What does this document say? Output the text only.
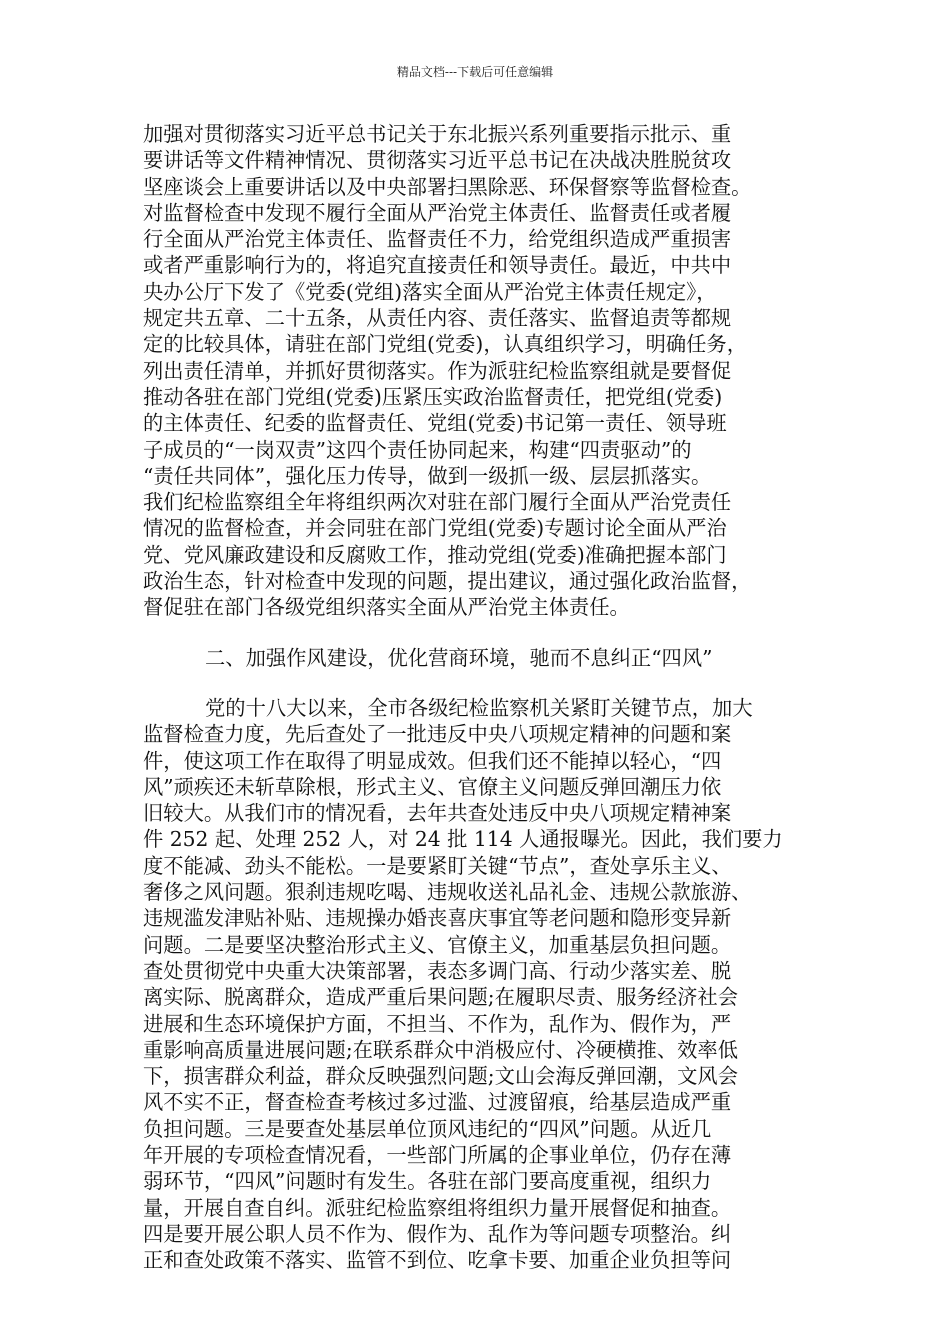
精品文档---下载后可任意编辑
加强对贯彻落实习近平总书记关于东北振兴系列重要指示批示、重
要讲话等文件精神情况、贯彻落实习近平总书记在决战决胜脱贫攻
坚座谈会上重要讲话以及中央部署扫黑除恶、环保督察等监督检查。
对监督检查中发现不履行全面从严治党主体责任、监督责任或者履
行全面从严治党主体责任、监督责任不力，给党组织造成严重损害
或者严重影响行为的，将追究直接责任和领导责任。最近，中共中
央办公厅下发了《党委(党组)落实全面从严治党主体责任规定》，
规定共五章、二十五条，从责任内容、责任落实、监督追责等都规
定的比较具体，请驻在部门党组(党委)，认真组织学习，明确任务，
列出责任清单，并抓好贯彻落实。作为派驻纪检监察组就是要督促
推动各驻在部门党组(党委)压紧压实政治监督责任，把党组(党委)
的主体责任、纪委的监督责任、党组(党委)书记第一责任、领导班
子成员的“一岗双责”这四个责任协同起来，构建“四责驱动”的
“责任共同体”，强化压力传导，做到一级抓一级、层层抓落实。
我们纪检监察组全年将组织两次对驻在部门履行全面从严治党责任
情况的监督检查，并会同驻在部门党组(党委)专题讨论全面从严治
党、党风廉政建设和反腐败工作，推动党组(党委)准确把握本部门
政治生态，针对检查中发现的问题，提出建议，通过强化政治监督，
督促驻在部门各级党组织落实全面从严治党主体责任。
二、加强作风建设，优化营商环境，驰而不息纠正“四风”
党的十八大以来，全市各级纪检监察机关紧盯关键节点，加大
监督检查力度，先后查处了一批违反中央八项规定精神的问题和案
件，使这项工作在取得了明显成效。但我们还不能掉以轻心，“四
风”顽疾还未斩草除根，形式主义、官僚主义问题反弹回潮压力依
旧较大。从我们市的情况看，去年共查处违反中央八项规定精神案
件 252 起、处理 252 人，对 24 批 114 人通报曝光。因此，我们要力
度不能减、劲头不能松。一是要紧盯关键“节点”，查处享乐主义、
奢侈之风问题。狠刹违规吃喝、违规收送礼品礼金、违规公款旅游、
违规滥发津贴补贴、违规操办婚丧喜庆事宜等老问题和隐形变异新
问题。二是要坚决整治形式主义、官僚主义，加重基层负担问题。
查处贯彻党中央重大决策部署，表态多调门高、行动少落实差、脱
离实际、脱离群众，造成严重后果问题;在履职尽责、服务经济社会
进展和生态环境保护方面，不担当、不作为，乱作为、假作为，严
重影响高质量进展问题;在联系群众中消极应付、冷硬横推、效率低
下，损害群众利益，群众反映强烈问题;文山会海反弹回潮，文风会
风不实不正，督查检查考核过多过滥、过渡留痕，给基层造成严重
负担问题。三是要查处基层单位顶风违纪的“四风”问题。从近几
年开展的专项检查情况看，一些部门所属的企事业单位，仍存在薄
弱环节，“四风”问题时有发生。各驻在部门要高度重视，组织力
量，开展自查自纠。派驻纪检监察组将组织力量开展督促和抽查。
四是要开展公职人员不作为、假作为、乱作为等问题专项整治。纠
正和查处政策不落实、监管不到位、吃拿卡要、加重企业负担等问
